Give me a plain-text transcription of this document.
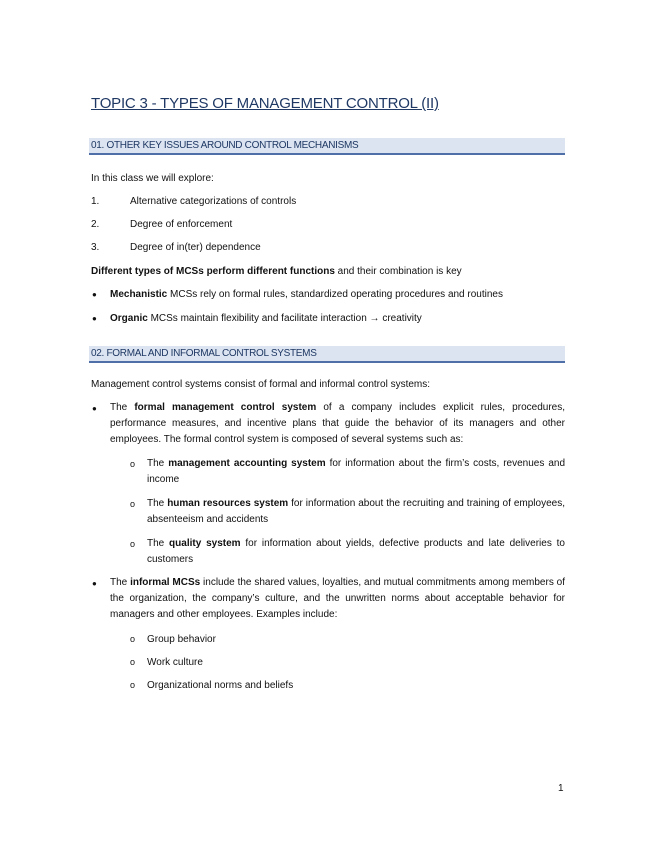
TOPIC 3 - TYPES OF MANAGEMENT CONTROL (II)
01. OTHER KEY ISSUES AROUND CONTROL MECHANISMS
In this class we will explore:
1.	Alternative categorizations of controls
2.	Degree of enforcement
3.	Degree of in(ter) dependence
Different types of MCSs perform different functions and their combination is key
● Mechanistic MCSs rely on formal rules, standardized operating procedures and routines
● Organic MCSs maintain flexibility and facilitate interaction → creativity
02. FORMAL AND INFORMAL CONTROL SYSTEMS
Management control systems consist of formal and informal control systems:
● The formal management control system of a company includes explicit rules, procedures, performance measures, and incentive plans that guide the behavior of its managers and other employees. The formal control system is composed of several systems such as:
o The management accounting system for information about the firm’s costs, revenues and income
o The human resources system for information about the recruiting and training of employees, absenteeism and accidents
o The quality system for information about yields, defective products and late deliveries to customers
● The informal MCSs include the shared values, loyalties, and mutual commitments among members of the organization, the company’s culture, and the unwritten norms about acceptable behavior for managers and other employees. Examples include:
o Group behavior
o Work culture
o Organizational norms and beliefs
1
